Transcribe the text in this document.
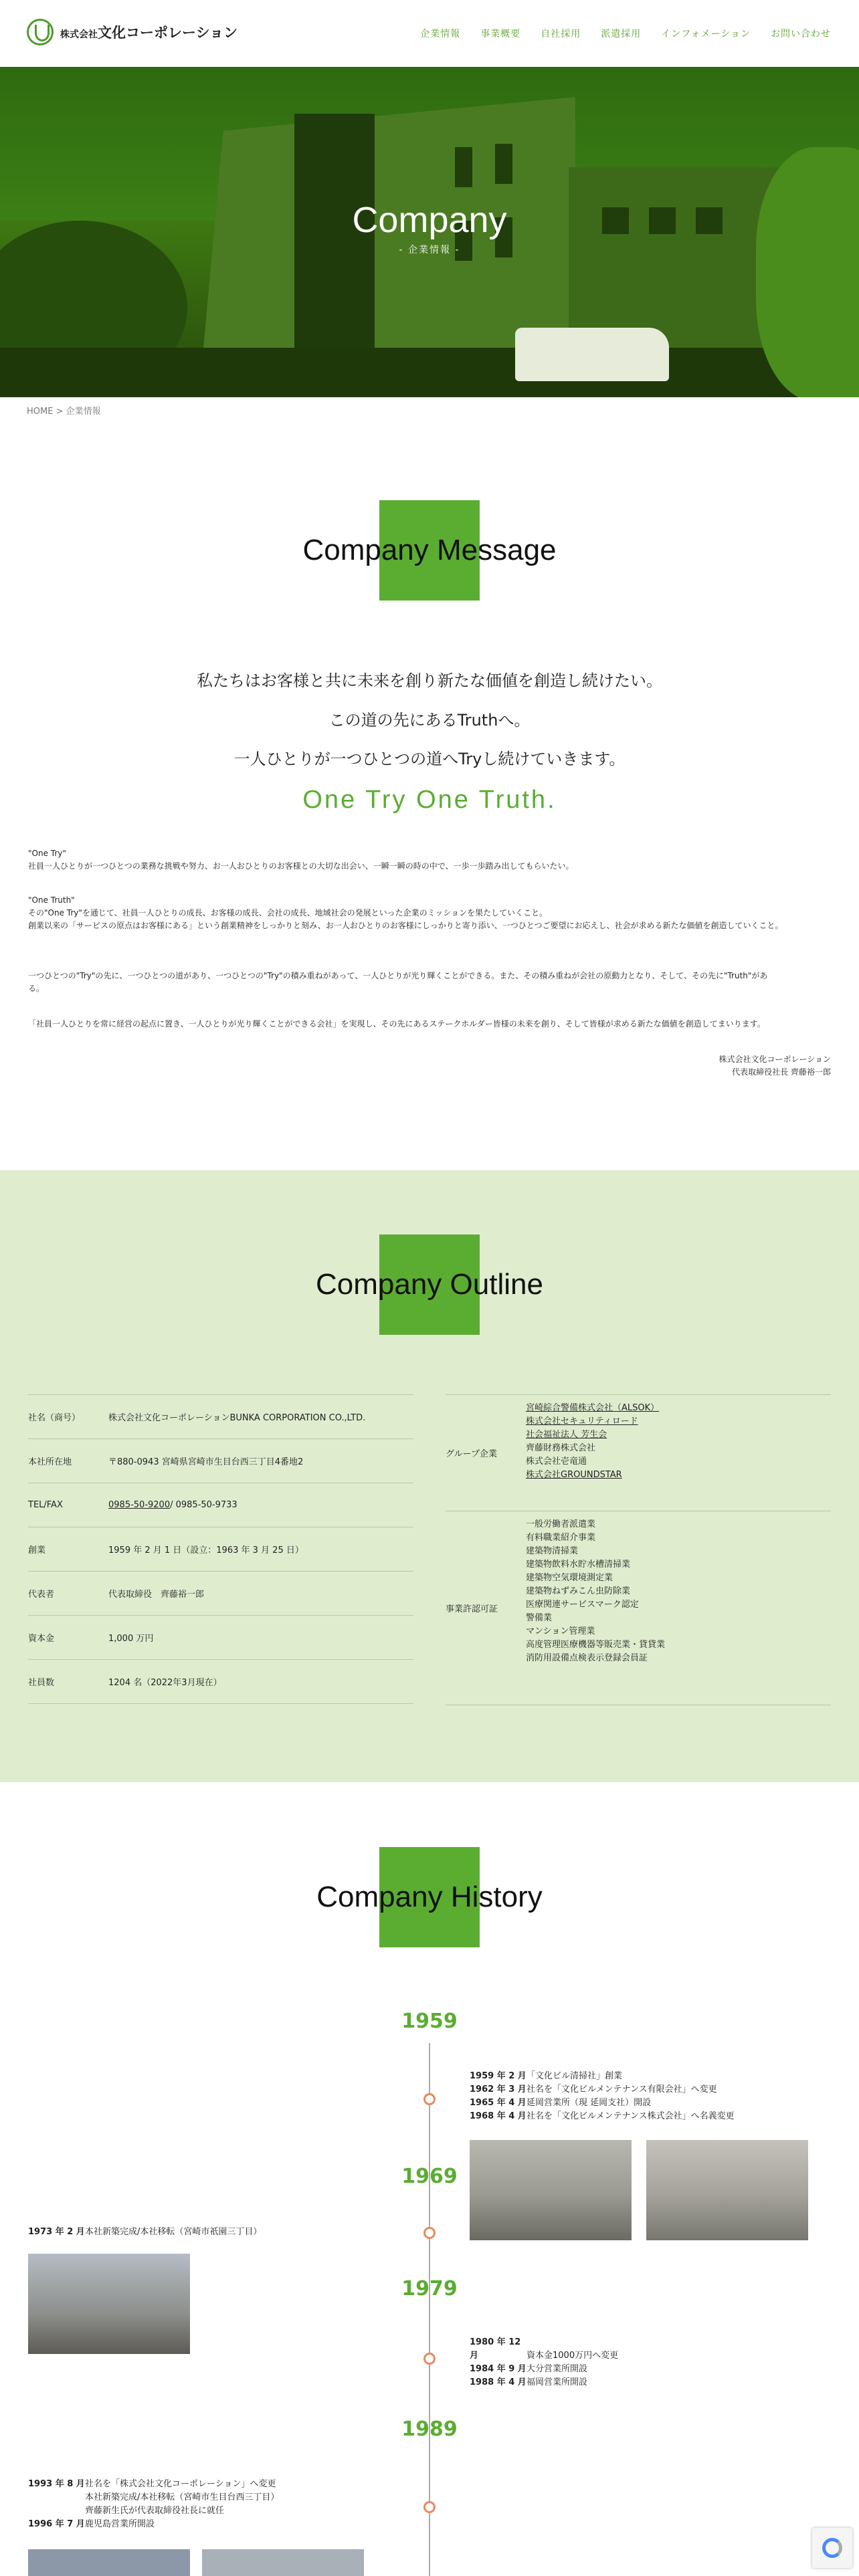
株式会社文化コーポレーション	企業情報 事業概要 自社採用 派遣採用 インフォメーション お問い合わせ
Company
- 企業情報 -
HOME > 企業情報
Company Message
私たちはお客様と共に未来を創り新たな価値を創造し続けたい。
この道の先にあるTruthへ。
一人ひとりが一つひとつの道へTryし続けていきます。
One Try One Truth.
"One Try"
社員一人ひとりが一つひとつの業務な挑戦や努力、お一人おひとりのお客様との大切な出会い、一瞬一瞬の時の中で、一歩一歩踏み出してもらいたい。
"One Truth"
その"One Try"を通じて、社員一人ひとりの成長、お客様の成長、会社の成長、地域社会の発展といった企業のミッションを果たしていくこと。
創業以来の「サービスの原点はお客様にある」という創業精神をしっかりと刻み、お一人おひとりのお客様にしっかりと寄り添い、一つひとつご要望にお応えし、社会が求める新たな価値を創造していくこと。
一つひとつの"Try"の先に、一つひとつの道があり、一つひとつの"Try"の積み重ねがあって、一人ひとりが光り輝くことができる。また、その積み重ねが会社の原動力となり、そして、その先に"Truth"があ
る。
「社員一人ひとりを常に経営の起点に置き、一人ひとりが光り輝くことができる会社」を実現し、その先にあるステークホルダー皆様の未来を創り、そして皆様が求める新たな価値を創造してまいります。
株式会社文化コーポレーション
代表取締役社長 齊藤裕一郎
Company Outline
社名（商号）	株式会社文化コーポレーションBUNKA CORPORATION CO.,LTD.
本社所在地	〒880-0943 宮崎県宮崎市生目台西三丁目4番地2
TEL/FAX	0985-50-9200 / 0985-50-9733
創業	1959 年 2 月 1 日（設立：1963 年 3 月 25 日）
代表者	代表取締役　齊藤裕一郎
資本金	1,000 万円
社員数	1204 名（2022年3月現在）
グループ企業
宮崎綜合警備株式会社（ALSOK）
株式会社セキュリティロード
社会福祉法人 芳生会
齊藤財務株式会社
株式会社壱竜通
株式会社GROUNDSTAR
事業許認可証
一般労働者派遣業
有料職業紹介事業
建築物清掃業
建築物飲料水貯水槽清掃業
建築物空気環境測定業
建築物ねずみこん虫防除業
医療関連サービスマーク認定
警備業
マンション管理業
高度管理医療機器等販売業・貸貸業
消防用設備点検表示登録会員証
Company History
1959
1959 年 2 月「文化ビル清掃社」創業
1962 年 3 月社名を「文化ビルメンテナンス有限会社」へ変更
1965 年 4 月延岡営業所（現 延岡支社）開設
1968 年 4 月社名を「文化ビルメンテナンス株式会社」へ名義変更
1969
1973 年 2 月本社新築完成/本社移転（宮崎市祇園三丁目）
1979
1980 年 12 月	資本金1000万円へ変更
1984 年 9 月大分営業所開設
1988 年 4 月福岡営業所開設
1989
1993 年 8 月社名を「株式会社文化コーポレーション」へ変更
本社新築完成/本社移転（宮崎市生目台西三丁目）
齊藤新生氏が代表取締役社長に就任
1996 年 7 月鹿児島営業所開設
